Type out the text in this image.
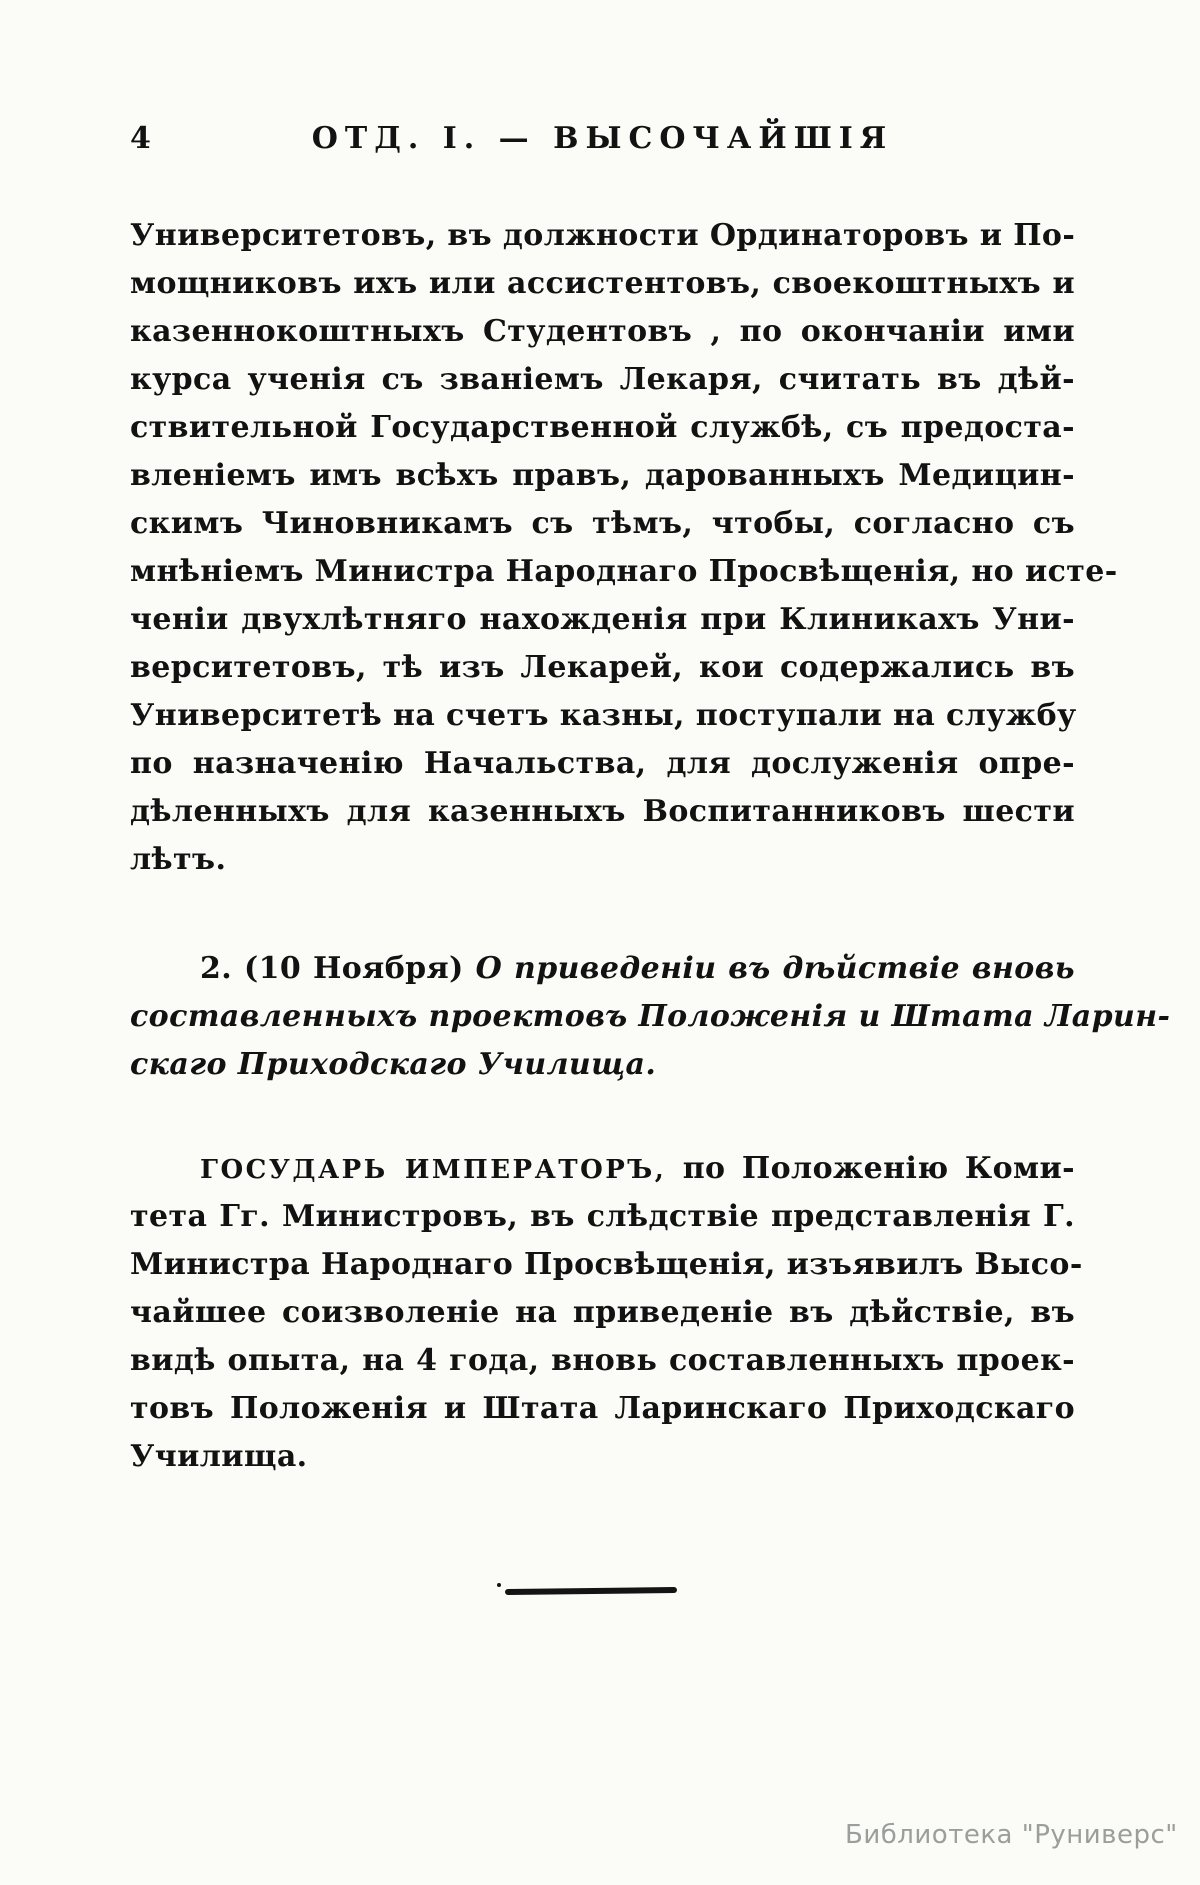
4	ОТД. I. — ВЫСОЧАЙШІЯ
Университетовъ, въ должности Ординаторовъ и По-
мощниковъ ихъ или ассистентовъ, своекоштныхъ и
казеннокоштныхъ Студентовъ , по окончаніи ими
курса ученія съ званіемъ Лекаря, считать въ дѣй-
ствительной Государственной службѣ, съ предоста-
вленіемъ имъ всѣхъ правъ, дарованныхъ Медицин-
скимъ Чиновникамъ съ тѣмъ, чтобы, согласно съ
мнѣніемъ Министра Народнаго Просвѣщенія, но исте-
ченіи двухлѣтняго нахожденія при Клиникахъ Уни-
верситетовъ, тѣ изъ Лекарей, кои содержались въ
Университетѣ на счетъ казны, поступали на службу
по назначенію Начальства, для дослуженія опре-
дѣленныхъ для казенныхъ Воспитанниковъ шести
лѣтъ.
2. (10 Ноября) О приведеніи въ дѣйствіе вновь
составленныхъ проектовъ Положенія и Штата Ларин-
скаго Приходскаго Училища.
ГОСУДАРЬ ИМПЕРАТОРЪ, по Положенію Коми-
тета Гг. Министровъ, въ слѣдствіе представленія Г.
Министра Народнаго Просвѣщенія, изъявилъ Высо-
чайшее соизволеніе на приведеніе въ дѣйствіе, въ
видѣ опыта, на 4 года, вновь составленныхъ проек-
товъ Положенія и Штата Ларинскаго Приходскаго
Училища.
Библиотека "Руниверс"
